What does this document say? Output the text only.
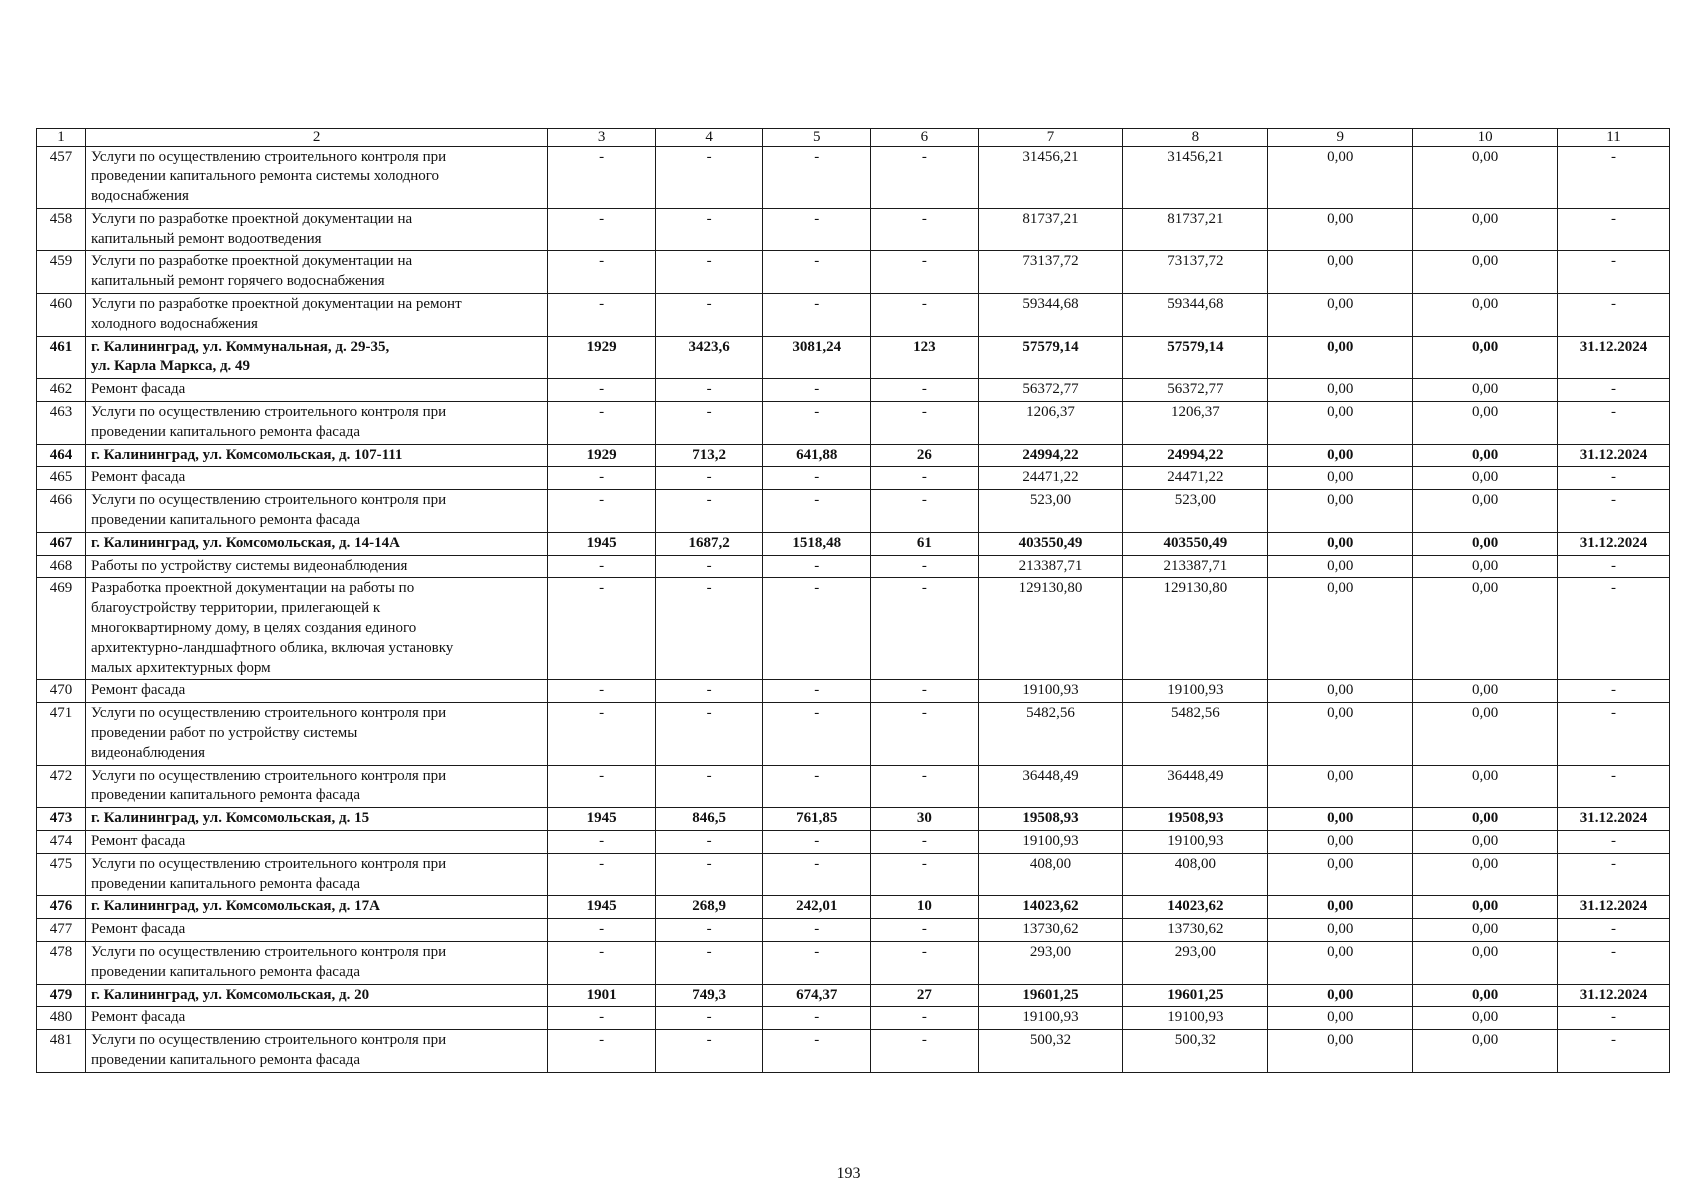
1	2	3	4	5	6	7	8	9	10	11
457	Услуги по осуществлению строительного контроля при
проведении капитального ремонта системы холодного
водоснабжения	-	-	-	-	31456,21	31456,21	0,00	0,00	-
458	Услуги по разработке проектной документации на
капитальный ремонт водоотведения	-	-	-	-	81737,21	81737,21	0,00	0,00	-
459	Услуги по разработке проектной документации на
капитальный ремонт горячего водоснабжения	-	-	-	-	73137,72	73137,72	0,00	0,00	-
460	Услуги по разработке проектной документации на ремонт
холодного водоснабжения	-	-	-	-	59344,68	59344,68	0,00	0,00	-
461	г. Калининград, ул. Коммунальная, д. 29-35,
ул. Карла Маркса, д. 49	1929	3423,6	3081,24	123	57579,14	57579,14	0,00	0,00	31.12.2024
462	Ремонт фасада	-	-	-	-	56372,77	56372,77	0,00	0,00	-
463	Услуги по осуществлению строительного контроля при
проведении капитального ремонта фасада	-	-	-	-	1206,37	1206,37	0,00	0,00	-
464	г. Калининград, ул. Комсомольская, д. 107-111	1929	713,2	641,88	26	24994,22	24994,22	0,00	0,00	31.12.2024
465	Ремонт фасада	-	-	-	-	24471,22	24471,22	0,00	0,00	-
466	Услуги по осуществлению строительного контроля при
проведении капитального ремонта фасада	-	-	-	-	523,00	523,00	0,00	0,00	-
467	г. Калининград, ул. Комсомольская, д. 14-14А	1945	1687,2	1518,48	61	403550,49	403550,49	0,00	0,00	31.12.2024
468	Работы по устройству системы видеонаблюдения	-	-	-	-	213387,71	213387,71	0,00	0,00	-
469	Разработка проектной документации на работы по
благоустройству территории, прилегающей к
многоквартирному дому, в целях создания единого
архитектурно-ландшафтного облика, включая установку
малых архитектурных форм	-	-	-	-	129130,80	129130,80	0,00	0,00	-
470	Ремонт фасада	-	-	-	-	19100,93	19100,93	0,00	0,00	-
471	Услуги по осуществлению строительного контроля при
проведении работ по устройству системы
видеонаблюдения	-	-	-	-	5482,56	5482,56	0,00	0,00	-
472	Услуги по осуществлению строительного контроля при
проведении капитального ремонта фасада	-	-	-	-	36448,49	36448,49	0,00	0,00	-
473	г. Калининград, ул. Комсомольская, д. 15	1945	846,5	761,85	30	19508,93	19508,93	0,00	0,00	31.12.2024
474	Ремонт фасада	-	-	-	-	19100,93	19100,93	0,00	0,00	-
475	Услуги по осуществлению строительного контроля при
проведении капитального ремонта фасада	-	-	-	-	408,00	408,00	0,00	0,00	-
476	г. Калининград, ул. Комсомольская, д. 17А	1945	268,9	242,01	10	14023,62	14023,62	0,00	0,00	31.12.2024
477	Ремонт фасада	-	-	-	-	13730,62	13730,62	0,00	0,00	-
478	Услуги по осуществлению строительного контроля при
проведении капитального ремонта фасада	-	-	-	-	293,00	293,00	0,00	0,00	-
479	г. Калининград, ул. Комсомольская, д. 20	1901	749,3	674,37	27	19601,25	19601,25	0,00	0,00	31.12.2024
480	Ремонт фасада	-	-	-	-	19100,93	19100,93	0,00	0,00	-
481	Услуги по осуществлению строительного контроля при
проведении капитального ремонта фасада	-	-	-	-	500,32	500,32	0,00	0,00	-
193
